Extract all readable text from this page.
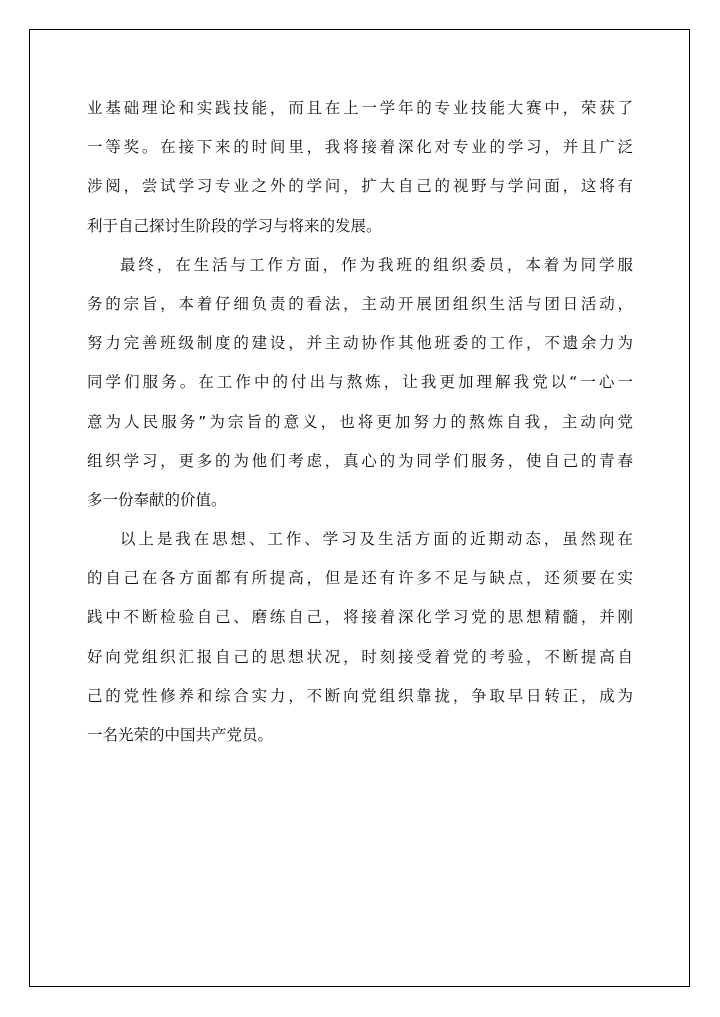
业基础理论和实践技能，而且在上一学年的专业技能大赛中，荣获了
一等奖。在接下来的时间里，我将接着深化对专业的学习，并且广泛
涉阅，尝试学习专业之外的学问，扩大自己的视野与学问面，这将有
利于自己探讨生阶段的学习与将来的发展。
最终，在生活与工作方面，作为我班的组织委员，本着为同学服
务的宗旨，本着仔细负责的看法，主动开展团组织生活与团日活动，
努力完善班级制度的建设，并主动协作其他班委的工作，不遗余力为
同学们服务。在工作中的付出与熬炼，让我更加理解我党以“一心一
意为人民服务”为宗旨的意义，也将更加努力的熬炼自我，主动向党
组织学习，更多的为他们考虑，真心的为同学们服务，使自己的青春
多一份奉献的价值。
以上是我在思想、工作、学习及生活方面的近期动态，虽然现在
的自己在各方面都有所提高，但是还有许多不足与缺点，还须要在实
践中不断检验自己、磨练自己，将接着深化学习党的思想精髓，并刚
好向党组织汇报自己的思想状况，时刻接受着党的考验，不断提高自
己的党性修养和综合实力，不断向党组织靠拢，争取早日转正，成为
一名光荣的中国共产党员。
